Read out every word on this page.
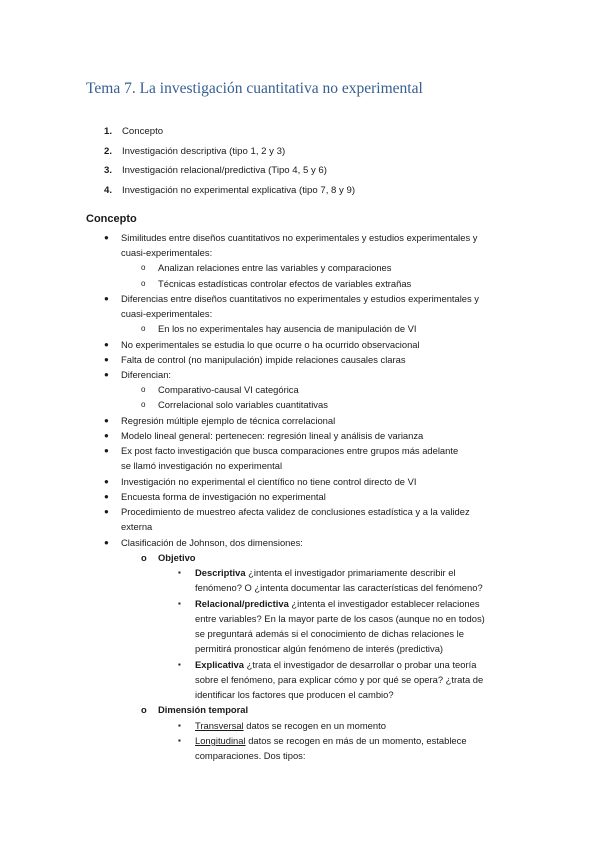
Tema 7. La investigación cuantitativa no experimental
1. Concepto
2. Investigación descriptiva (tipo 1, 2 y 3)
3. Investigación relacional/predictiva (Tipo 4, 5 y 6)
4. Investigación no experimental explicativa (tipo 7, 8 y 9)
Concepto
● Similitudes entre diseños cuantitativos no experimentales y estudios experimentales y
cuasi-experimentales:
o Analizan relaciones entre las variables y comparaciones
o Técnicas estadísticas controlar efectos de variables extrañas
● Diferencias entre diseños cuantitativos no experimentales y estudios experimentales y
cuasi-experimentales:
o En los no experimentales hay ausencia de manipulación de VI
● No experimentales se estudia lo que ocurre o ha ocurrido observacional
● Falta de control (no manipulación) impide relaciones causales claras
● Diferencian:
o Comparativo-causal VI categórica
o Correlacional solo variables cuantitativas
● Regresión múltiple ejemplo de técnica correlacional
● Modelo lineal general: pertenecen: regresión lineal y análisis de varianza
● Ex post facto investigación que busca comparaciones entre grupos más adelante
se llamó investigación no experimental
● Investigación no experimental el científico no tiene control directo de VI
● Encuesta forma de investigación no experimental
● Procedimiento de muestreo afecta validez de conclusiones estadística y a la validez
externa
● Clasificación de Johnson, dos dimensiones:
o Objetivo
▪ Descriptiva ¿intenta el investigador primariamente describir el
fenómeno? O ¿intenta documentar las características del fenómeno?
▪ Relacional/predictiva ¿intenta el investigador establecer relaciones
entre variables? En la mayor parte de los casos (aunque no en todos)
se preguntará además si el conocimiento de dichas relaciones le
permitirá pronosticar algún fenómeno de interés (predictiva)
▪ Explicativa ¿trata el investigador de desarrollar o probar una teoría
sobre el fenómeno, para explicar cómo y por qué se opera? ¿trata de
identificar los factores que producen el cambio?
o Dimensión temporal
▪ Transversal datos se recogen en un momento
▪ Longitudinal datos se recogen en más de un momento, establece
comparaciones. Dos tipos:
